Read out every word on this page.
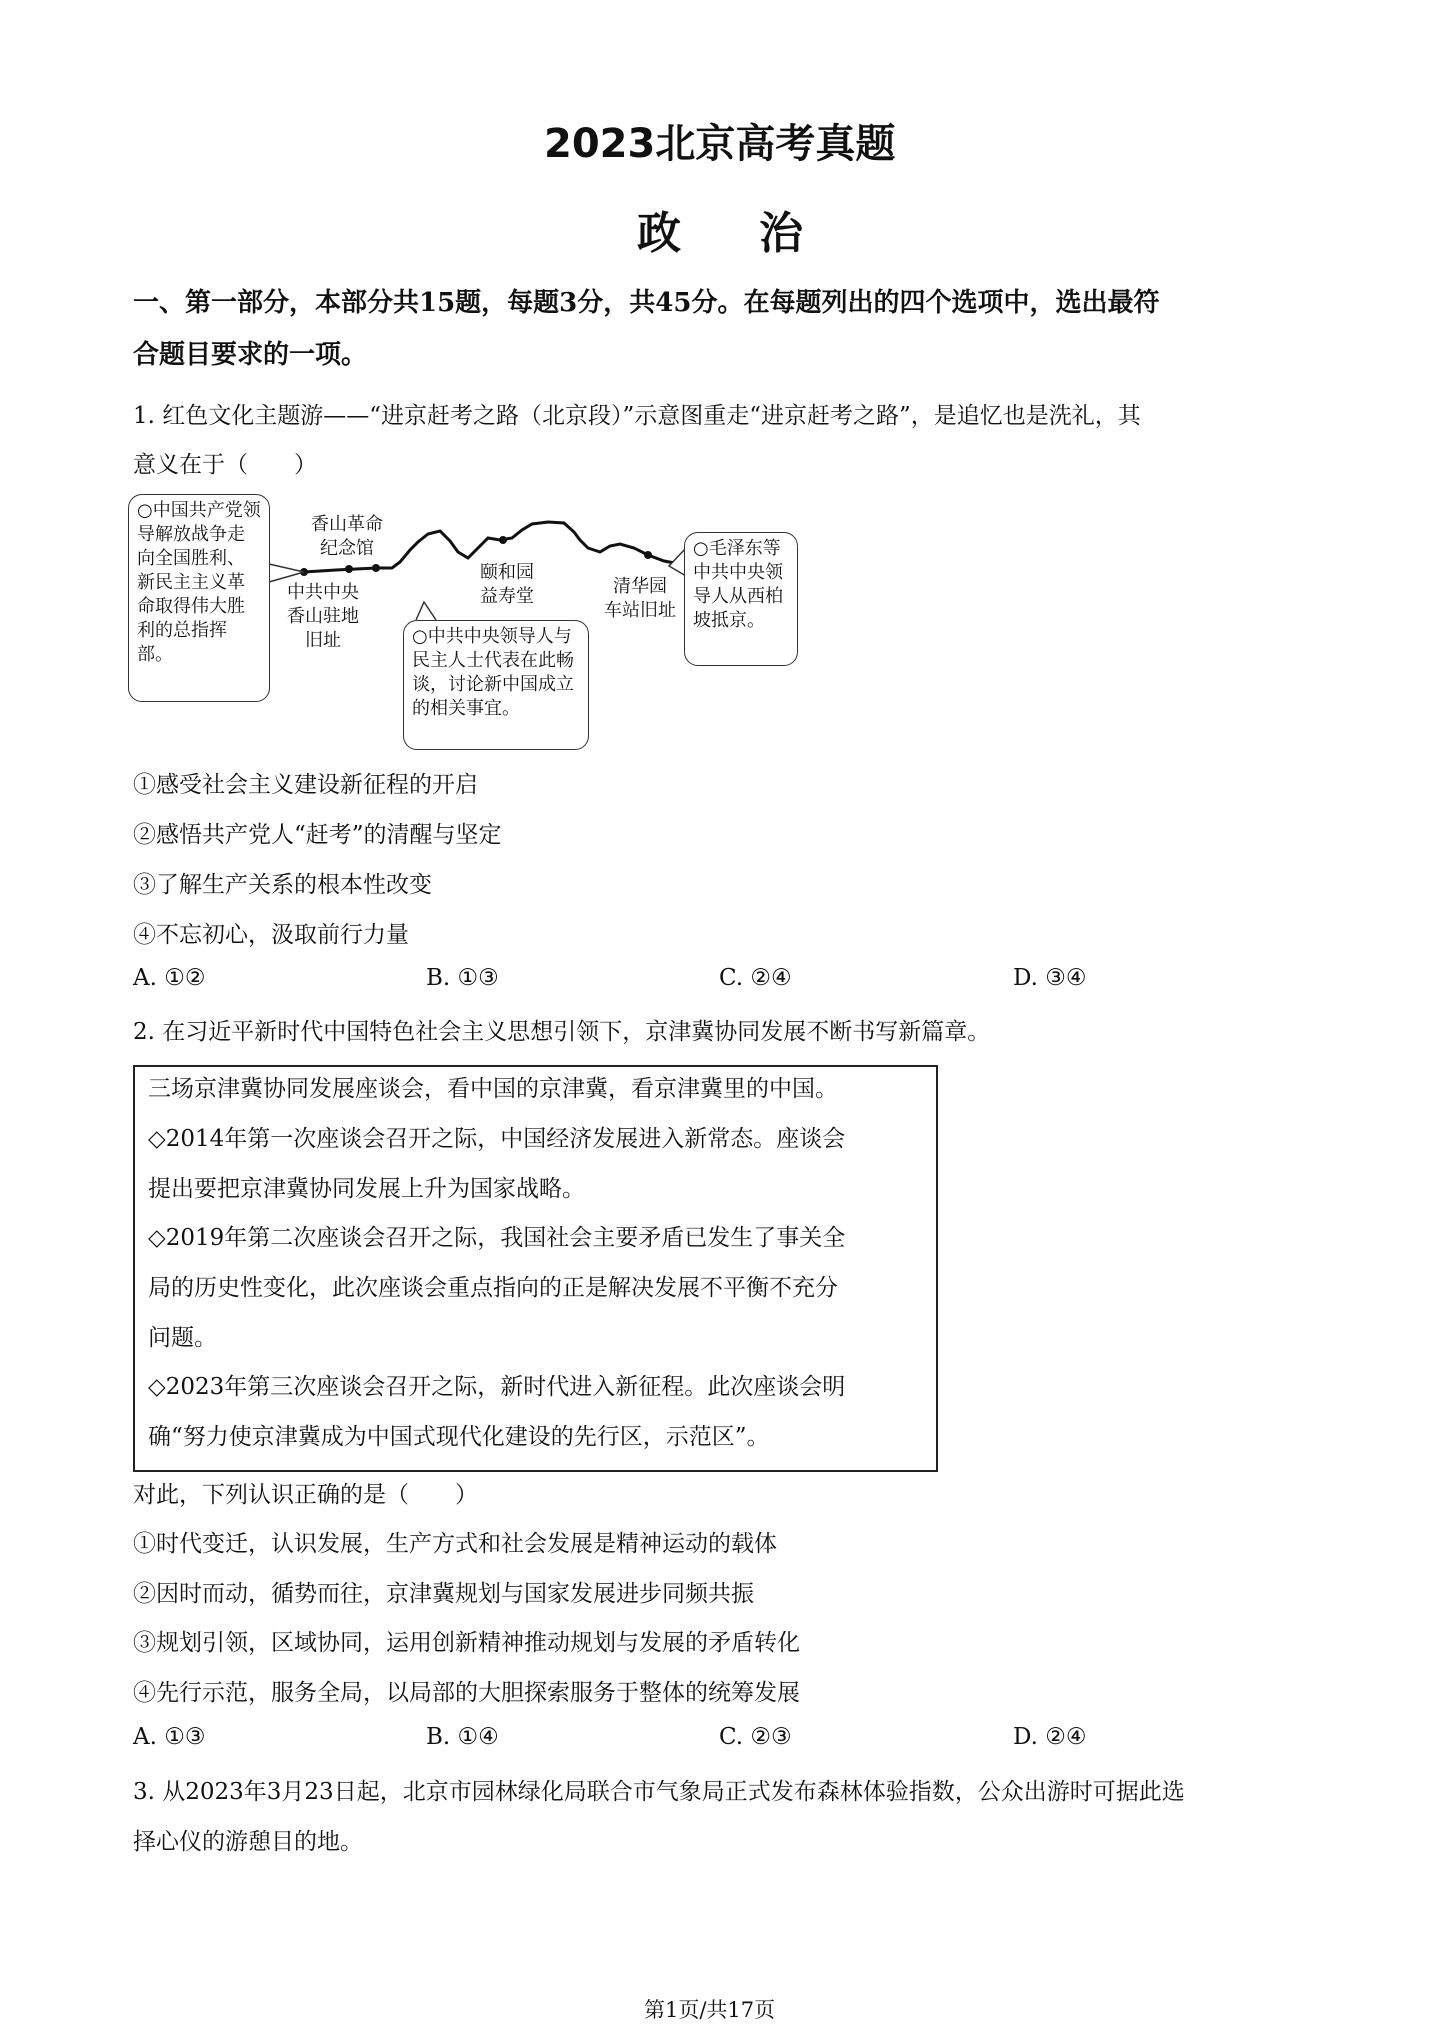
2023北京高考真题
政治
一、第一部分，本部分共15题，每题3分，共45分。在每题列出的四个选项中，选出最符
合题目要求的一项。
1. 红色文化主题游——“进京赶考之路（北京段）”示意图重走“进京赶考之路”，是追忆也是洗礼，其
意义在于（　　）
○中国共产党领导解放战争走向全国胜利、新民主主义革命取得伟大胜利的总指挥部。
香山革命
纪念馆
中共中央
香山驻地
旧址
颐和园
益寿堂	清华园
车站旧址
○中共中央领导人与民主人士代表在此畅谈，讨论新中国成立的相关事宜。
○毛泽东等中共中央领导人从西柏坡抵京。
①感受社会主义建设新征程的开启
②感悟共产党人“赶考”的清醒与坚定
③了解生产关系的根本性改变
④不忘初心，汲取前行力量
A. ①②	B. ①③	C. ②④	D. ③④
2. 在习近平新时代中国特色社会主义思想引领下，京津冀协同发展不断书写新篇章。
三场京津冀协同发展座谈会，看中国的京津冀，看京津冀里的中国。
◇2014年第一次座谈会召开之际，中国经济发展进入新常态。座谈会
提出要把京津冀协同发展上升为国家战略。
◇2019年第二次座谈会召开之际，我国社会主要矛盾已发生了事关全
局的历史性变化，此次座谈会重点指向的正是解决发展不平衡不充分
问题。
◇2023年第三次座谈会召开之际，新时代进入新征程。此次座谈会明
确“努力使京津冀成为中国式现代化建设的先行区，示范区”。
对此，下列认识正确的是（　　）
①时代变迁，认识发展，生产方式和社会发展是精神运动的载体
②因时而动，循势而往，京津冀规划与国家发展进步同频共振
③规划引领，区域协同，运用创新精神推动规划与发展的矛盾转化
④先行示范，服务全局，以局部的大胆探索服务于整体的统筹发展
A. ①③	B. ①④	C. ②③	D. ②④
3. 从2023年3月23日起，北京市园林绿化局联合市气象局正式发布森林体验指数，公众出游时可据此选
择心仪的游憩目的地。
第1页/共17页
